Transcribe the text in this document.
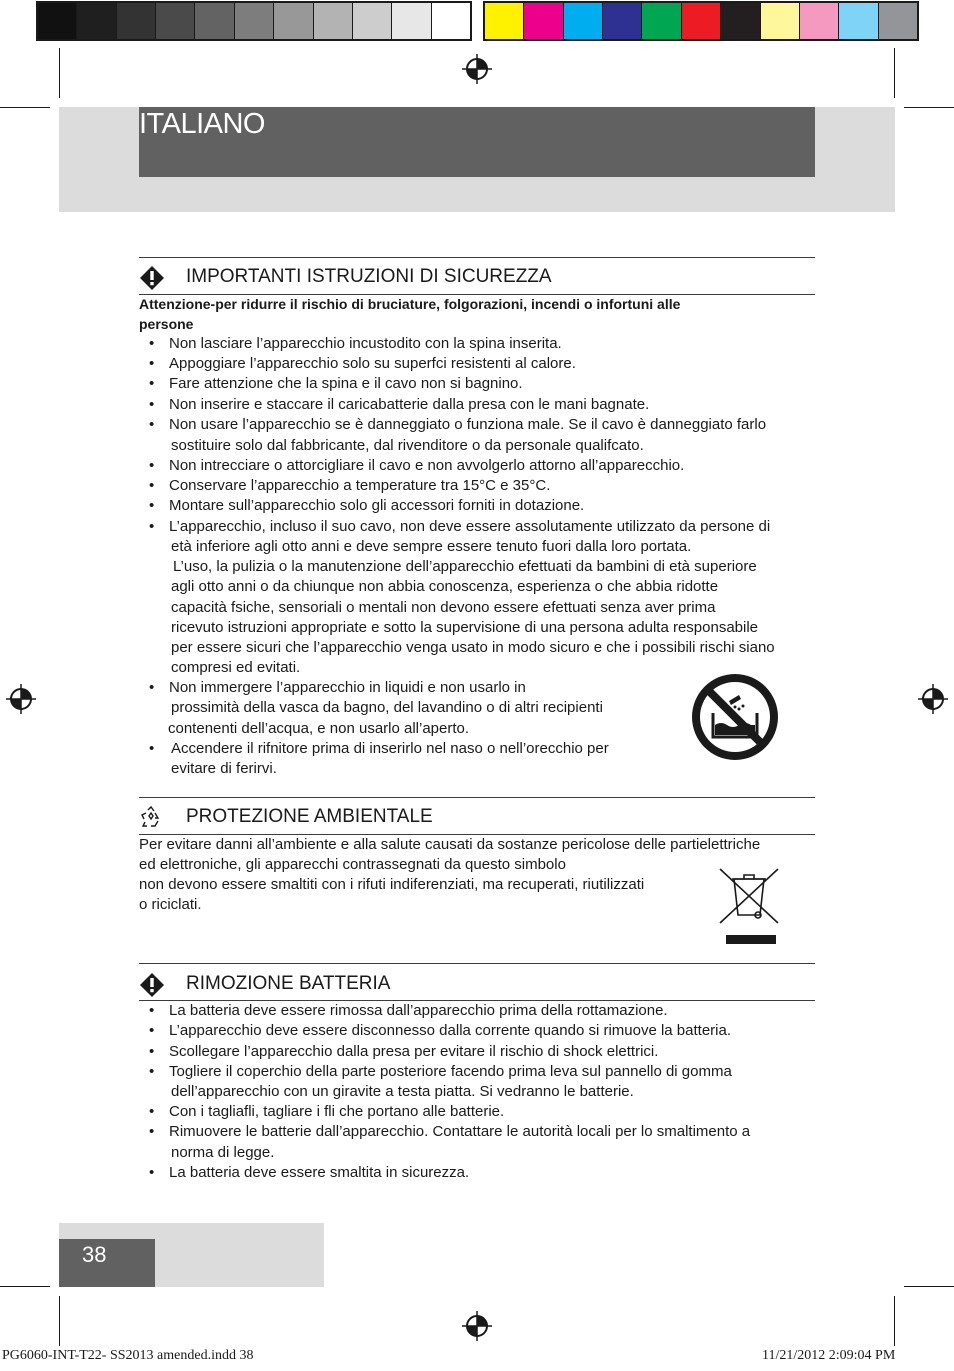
ITALIANO
IMPORTANTI ISTRUZIONI DI SICUREZZA
Attenzione-per ridurre il rischio di bruciature, folgorazioni, incendi o infortuni alle
persone
• Non lasciare l’apparecchio incustodito con la spina inserita.
• Appoggiare l’apparecchio solo su superfci resistenti al calore.
• Fare attenzione che la spina e il cavo non si bagnino.
• Non inserire e staccare il caricabatterie dalla presa con le mani bagnate.
• Non usare l’apparecchio se è danneggiato o funziona male. Se il cavo è danneggiato farlo
sostituire solo dal fabbricante, dal rivenditore o da personale qualifcato.
• Non intrecciare o attorcigliare il cavo e non avvolgerlo attorno all’apparecchio.
• Conservare l’apparecchio a temperature tra 15°C e 35°C.
• Montare sull’apparecchio solo gli accessori forniti in dotazione.
• L’apparecchio, incluso il suo cavo, non deve essere assolutamente utilizzato da persone di
età inferiore agli otto anni e deve sempre essere tenuto fuori dalla loro portata.
L’uso, la pulizia o la manutenzione dell’apparecchio efettuati da bambini di età superiore
agli otto anni o da chiunque non abbia conoscenza, esperienza o che abbia ridotte
capacità fsiche, sensoriali o mentali non devono essere efettuati senza aver prima
ricevuto istruzioni appropriate e sotto la supervisione di una persona adulta responsabile
per essere sicuri che l’apparecchio venga usato in modo sicuro e che i possibili rischi siano
compresi ed evitati.
• Non immergere l’apparecchio in liquidi e non usarlo in
prossimità della vasca da bagno, del lavandino o di altri recipienti
contenenti dell’acqua, e non usarlo all’aperto.
• Accendere il rifnitore prima di inserirlo nel naso o nell’orecchio per
evitare di ferirvi.
PROTEZIONE AMBIENTALE
Per evitare danni all’ambiente e alla salute causati da sostanze pericolose delle partielettriche
ed elettroniche, gli apparecchi contrassegnati da questo simbolo
non devono essere smaltiti con i rifuti indiferenziati, ma recuperati, riutilizzati
o riciclati.
RIMOZIONE BATTERIA
• La batteria deve essere rimossa dall’apparecchio prima della rottamazione.
• L’apparecchio deve essere disconnesso dalla corrente quando si rimuove la batteria.
• Scollegare l’apparecchio dalla presa per evitare il rischio di shock elettrici.
• Togliere il coperchio della parte posteriore facendo prima leva sul pannello di gomma
dell’apparecchio con un giravite a testa piatta. Si vedranno le batterie.
• Con i tagliafli, tagliare i fli che portano alle batterie.
• Rimuovere le batterie dall’apparecchio. Contattare le autorità locali per lo smaltimento a
norma di legge.
• La batteria deve essere smaltita in sicurezza.
38
PG6060-INT-T22- SS2013 amended.indd 38	11/21/2012 2:09:04 PM
